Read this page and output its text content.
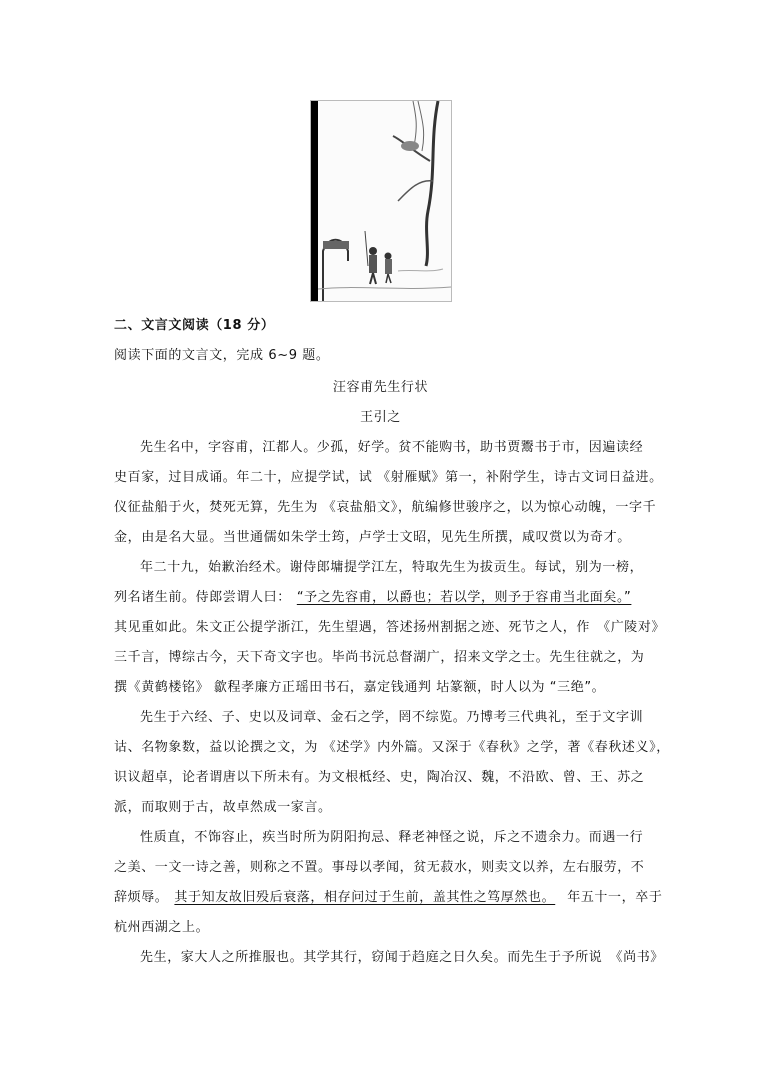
二、文言文阅读（18 分）
阅读下面的文言文，完成 6~9 题。
汪容甫先生行状
王引之
先生名中，字容甫，江都人。少孤，好学。贫不能购书，助书贾鬻书于市，因遍读经
史百家，过目成诵。年二十，应提学试，试 《射雁赋》第一，补附学生，诗古文词日益进。
仪征盐船于火，焚死无算，先生为 《哀盐船文》，航编修世骏序之，以为惊心动魄，一字千
金，由是名大显。当世通儒如朱学士筠，卢学士文昭，见先生所撰，咸叹赏以为奇才。
年二十九，始歉治经术。谢侍郎墉提学江左，特取先生为拔贡生。每试，别为一榜，
列名诸生前。侍郎尝谓人曰： “予之先容甫，以爵也；若以学，则予于容甫当北面矣。”
其见重如此。朱文正公提学浙江，先生望遇，答述扬州割据之迹、死节之人，作　《广陵对》
三千言，博综古今，天下奇文字也。毕尚书沅总督湖广，招来文学之士。先生往就之，为
撰《黄鹤楼铭》 歙程孝廉方正瑶田书石，嘉定钱通判 坫篆额，时人以为 “三绝”。
先生于六经、子、史以及词章、金石之学，罔不综览。乃博考三代典礼，至于文字训
诂、名物象数，益以论撰之文，为 《述学》内外篇。又深于《春秋》之学，著《春秋述义》，
识议超卓，论者谓唐以下所未有。为文根柢经、史，陶冶汉、魏，不沿欧、曾、王、苏之
派，而取则于古，故卓然成一家言。
性质直，不饰容止，疾当时所为阴阳拘忌、释老神怪之说，斥之不遗余力。而遇一行
之美、一文一诗之善，则称之不置。事母以孝闻，贫无菽水，则卖文以养，左右服劳，不
辞烦辱。 其于知友故旧殁后衰落，相存问过于生前，盖其性之笃厚然也。 年五十一，卒于
杭州西湖之上。
先生，家大人之所推服也。其学其行，窃闻于趋庭之日久矣。而先生于予所说　《尚书》
